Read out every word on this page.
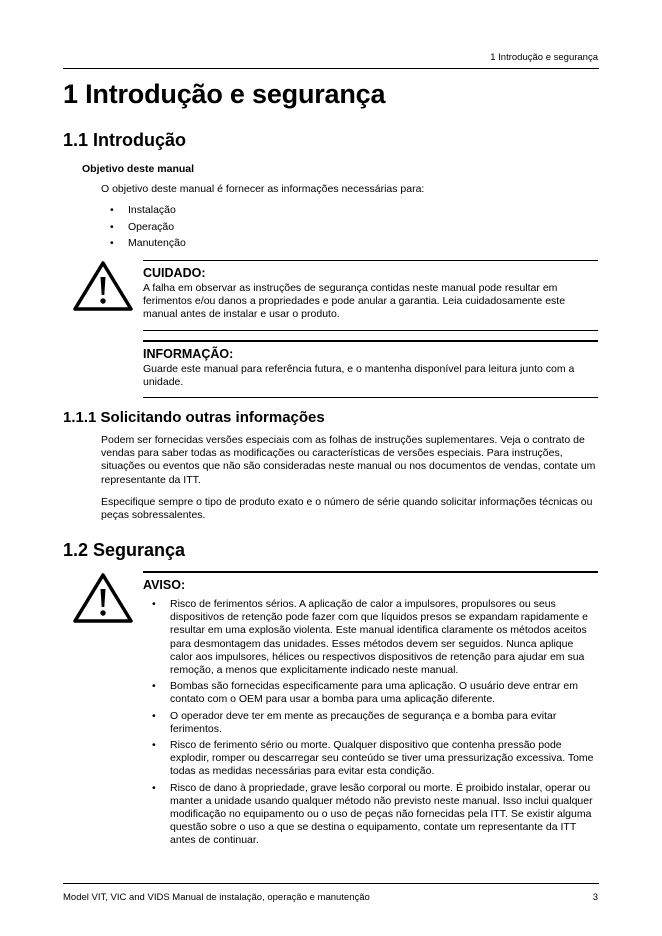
1 Introdução e segurança
1 Introdução e segurança
1.1 Introdução
Objetivo deste manual

O objetivo deste manual é fornecer as informações necessárias para:

• Instalação
• Operação
• Manutenção
CUIDADO:

A falha em observar as instruções de segurança contidas neste manual pode resultar em ferimentos e/ou danos a propriedades e pode anular a garantia. Leia cuidadosamente este manual antes de instalar e usar o produto.

INFORMAÇÃO:

Guarde este manual para referência futura, e o mantenha disponível para leitura junto com a unidade.

1.1.1 Solicitando outras informações

Podem ser fornecidas versões especiais com as folhas de instruções suplementares. Veja o contrato de vendas para saber todas as modificações ou características de versões especiais. Para instruções, situações ou eventos que não são consideradas neste manual ou nos documentos de vendas, contate um representante da ITT.

Especifique sempre o tipo de produto exato e o número de série quando solicitar informações técnicas ou peças sobressalentes.

1.2 Segurança
AVISO:
• Risco de ferimentos sérios. A aplicação de calor a impulsores, propulsores ou seus dispositivos de retenção pode fazer com que líquidos presos se expandam rapidamente e resultar em uma explosão violenta. Este manual identifica claramente os métodos aceitos para desmontagem das unidades. Esses métodos devem ser seguidos. Nunca aplique calor aos impulsores, hélices ou respectivos dispositivos de retenção para ajudar em sua remoção, a menos que explicitamente indicado neste manual.
• Bombas são fornecidas especificamente para uma aplicação. O usuário deve entrar em contato com o OEM para usar a bomba para uma aplicação diferente.
• O operador deve ter em mente as precauções de segurança e a bomba para evitar ferimentos.
• Risco de ferimento sério ou morte. Qualquer dispositivo que contenha pressão pode explodir, romper ou descarregar seu conteúdo se tiver uma pressurização excessiva. Tome todas as medidas necessárias para evitar esta condição.
• Risco de dano à propriedade, grave lesão corporal ou morte. É proibido instalar, operar ou manter a unidade usando qualquer método não previsto neste manual. Isso inclui qualquer modificação no equipamento ou o uso de peças não fornecidas pela ITT. Se existir alguma questão sobre o uso a que se destina o equipamento, contate um representante da ITT antes de continuar.
Model VIT, VIC and VIDS Manual de instalação, operação e manutenção	3
